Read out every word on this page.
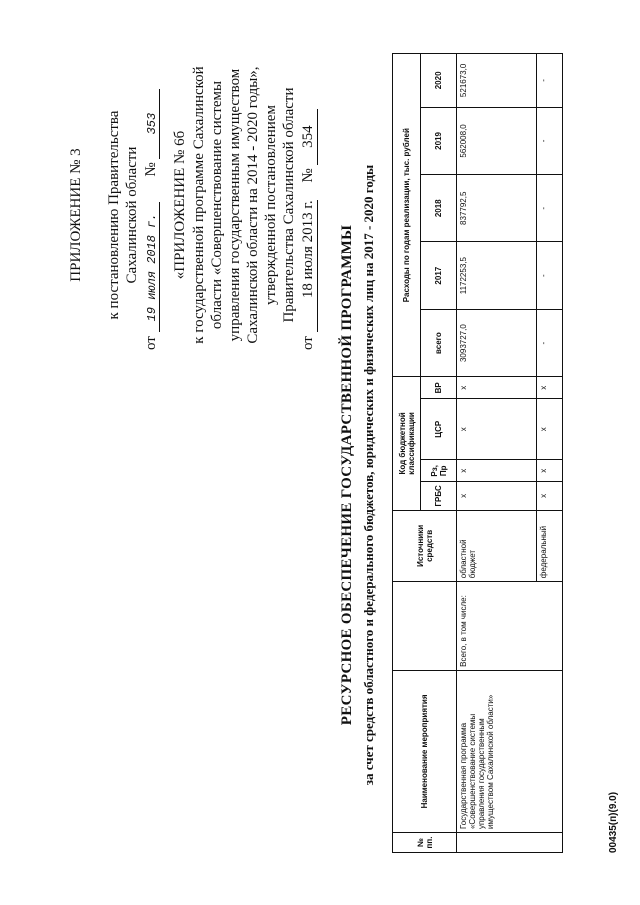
ПРИЛОЖЕНИЕ № 3 к постановлению Правительства Сахалинской области
от 19 июля 2018 г. № 353
«ПРИЛОЖЕНИЕ № 6б к государственной программе Сахалинской области «Совершенствование системы управления государственным имуществом Сахалинской области на 2014 - 2020 годы», утвержденной постановлением Правительства Сахалинской области
от 18 июля 2013 г. № 354
РЕСУРСНОЕ ОБЕСПЕЧЕНИЕ ГОСУДАРСТВЕННОЙ ПРОГРАММЫ за счет средств областного и федерального бюджетов, юридических и физических лиц на 2017 - 2020 годы
№ пп.	Наименование мероприятия		Источники средств	Код бюджетной классификации				Расходы по годам реализации, тыс. рублей				
				ГРБС	Рз, Пр	ЦСР	ВР	всего	2017	2018	2019	2020
	Государственная программа «Совершенствование системы управления государственным имуществом Сахалинской области»	Всего, в том числе:	областной бюджет	x	x	x	x	3093727,0	1172253,5	837792,5	562008,0	521673,0
			федеральный	x	x	x	x	-	-	-	-	-
00435(п)(9.0)
